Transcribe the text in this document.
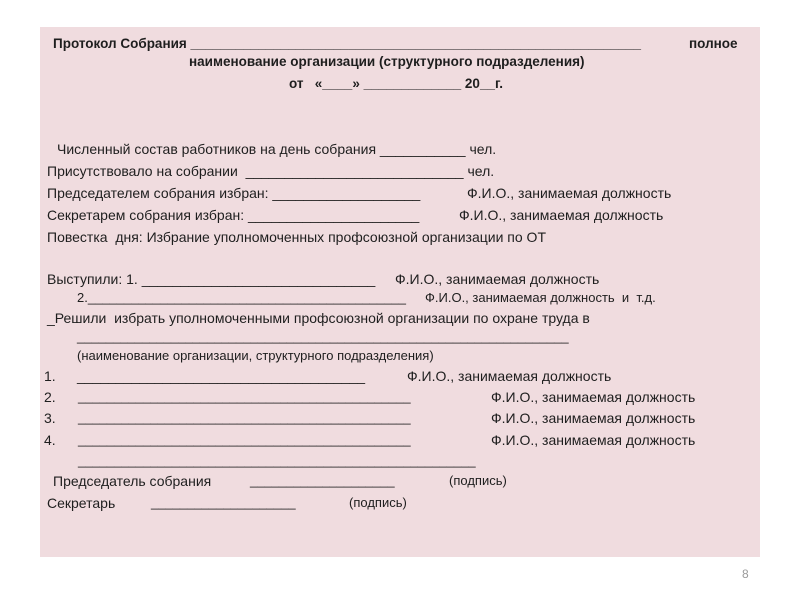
Протокол Собрания ____________________________________________________________	полное
наименование организации (структурного подразделения)
от   «____» _____________ 20__г.
Численный состав работников на день собрания ___________ чел.
Присутствовало на собрании  ____________________________ чел.
Председателем собрания избран: ___________________	Ф.И.О., занимаемая должность
Секретарем собрания избран: ______________________	Ф.И.О., занимаемая должность
Повестка  дня: Избрание уполномоченных профсоюзной организации по ОТ
Выступили: 1. ______________________________ Ф.И.О., занимаемая должность
2.____________________________________________ Ф.И.О., занимаемая должность  и  т.д.
_Решили  избрать уполномоченными профсоюзной организации по охране труда в
____________________________________________________________________
(наименование организации, структурного подразделения)
1. _____________________________________	Ф.И.О., занимаемая должность
2. ______________________________________________	Ф.И.О., занимаемая должность
3. ______________________________________________	Ф.И.О., занимаемая должность
4. ______________________________________________	Ф.И.О., занимаемая должность
_______________________________________________________
Председатель собрания	____________________	(подпись)
Секретарь	____________________	(подпись)
8
